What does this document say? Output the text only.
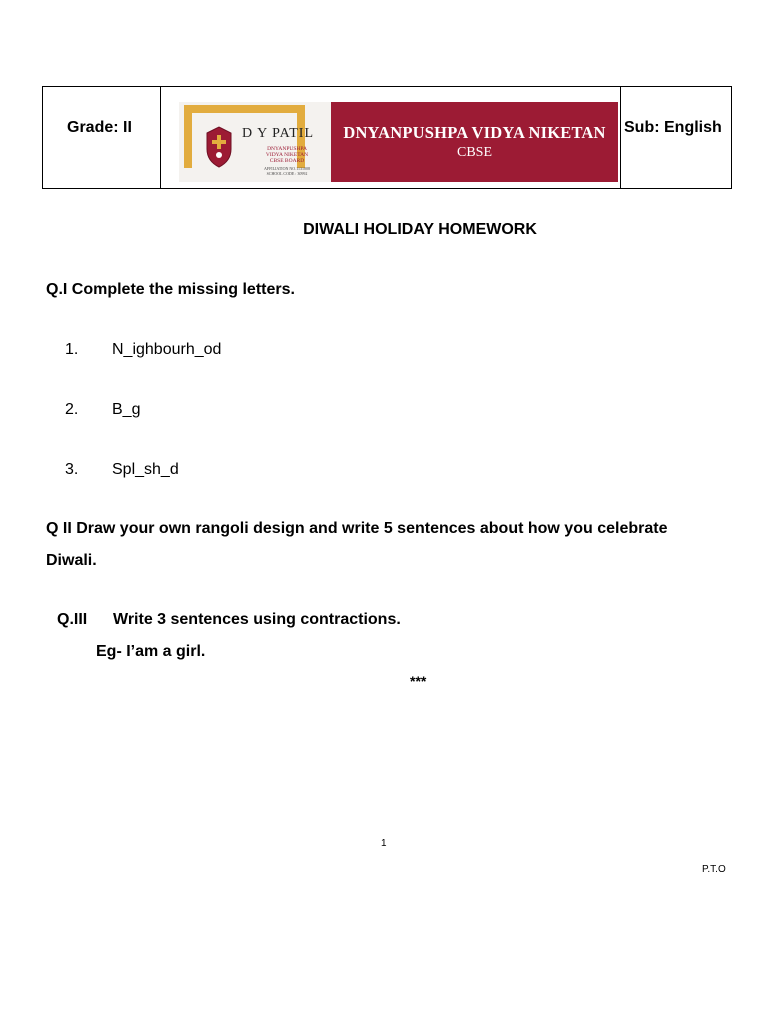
Grade: II	D Y PATIL
DNYANPUSHPA
VIDYA NIKETAN
CBSE BOARD
AFFILIATION NO.1131008
SCHOOL CODE : 30992
DNYANPUSHPA VIDYA NIKETAN
CBSE
Sub: English
DIWALI HOLIDAY HOMEWORK
Q.I Complete the missing letters.
1. N_ighbourh_od
2. B_g
3. Spl_sh_d
Q II Draw your own rangoli design and write 5 sentences about how you celebrate
Diwali.
Q.III Write 3 sentences using contractions.
Eg- I’am a girl.
***
1
P.T.O
